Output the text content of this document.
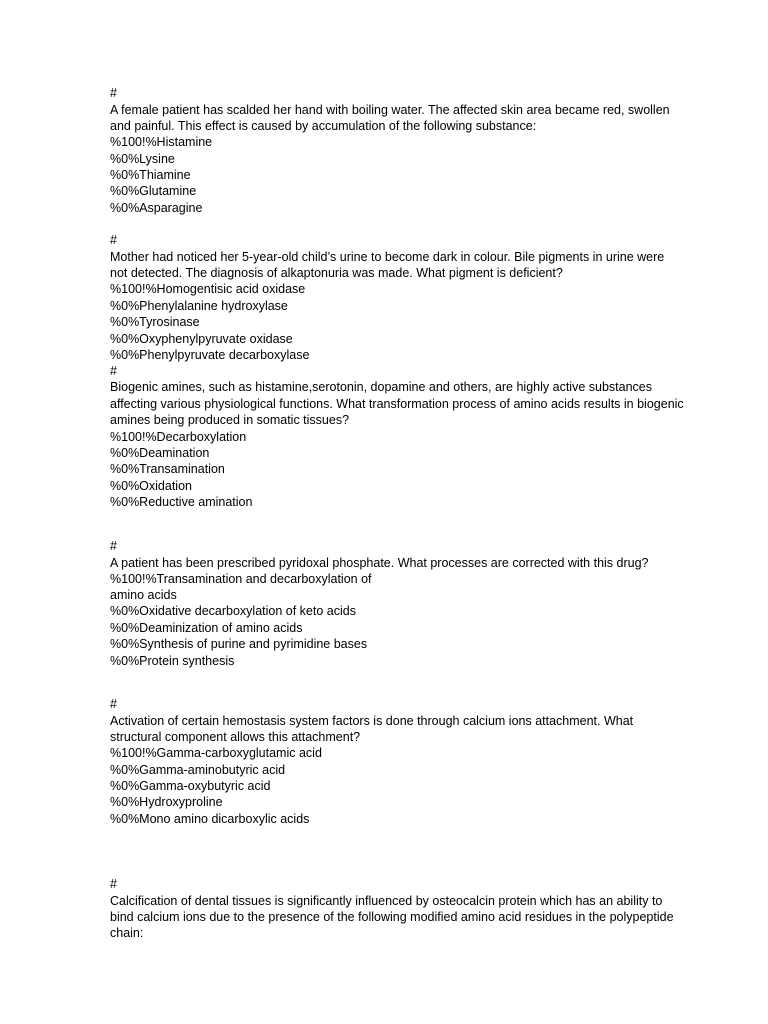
#
A female patient has scalded her hand with boiling water. The affected skin area became red, swollen
and painful. This effect is caused by accumulation of the following substance:
%100!%Histamine
%0%Lysine
%0%Thiamine
%0%Glutamine
%0%Asparagine
#
Mother had noticed her 5-year-old child’s urine to become dark in colour. Bile pigments in urine were
not detected. The diagnosis of alkaptonuria was made. What pigment is deficient?
%100!%Homogentisic acid oxidase
%0%Phenylalanine hydroxylase
%0%Tyrosinase
%0%Oxyphenylpyruvate oxidase
%0%Phenylpyruvate decarboxylase
#
Biogenic amines, such as histamine,serotonin, dopamine and others, are highly active substances
affecting various physiological functions. What transformation process of amino acids results in biogenic
amines being produced in somatic tissues?
%100!%Decarboxylation
%0%Deamination
%0%Transamination
%0%Oxidation
%0%Reductive amination
#
A patient has been prescribed pyridoxal phosphate. What processes are corrected with this drug?
%100!%Transamination and decarboxylation of
amino acids
%0%Oxidative decarboxylation of keto acids
%0%Deaminization of amino acids
%0%Synthesis of purine and pyrimidine bases
%0%Protein synthesis
#
Activation of certain hemostasis system factors is done through calcium ions attachment. What
structural component allows this attachment?
%100!%Gamma-carboxyglutamic acid
%0%Gamma-aminobutyric acid
%0%Gamma-oxybutyric acid
%0%Hydroxyproline
%0%Mono amino dicarboxylic acids
#
Calcification of dental tissues is significantly influenced by osteocalcin protein which has an ability to
bind calcium ions due to the presence of the following modified amino acid residues in the polypeptide
chain:
